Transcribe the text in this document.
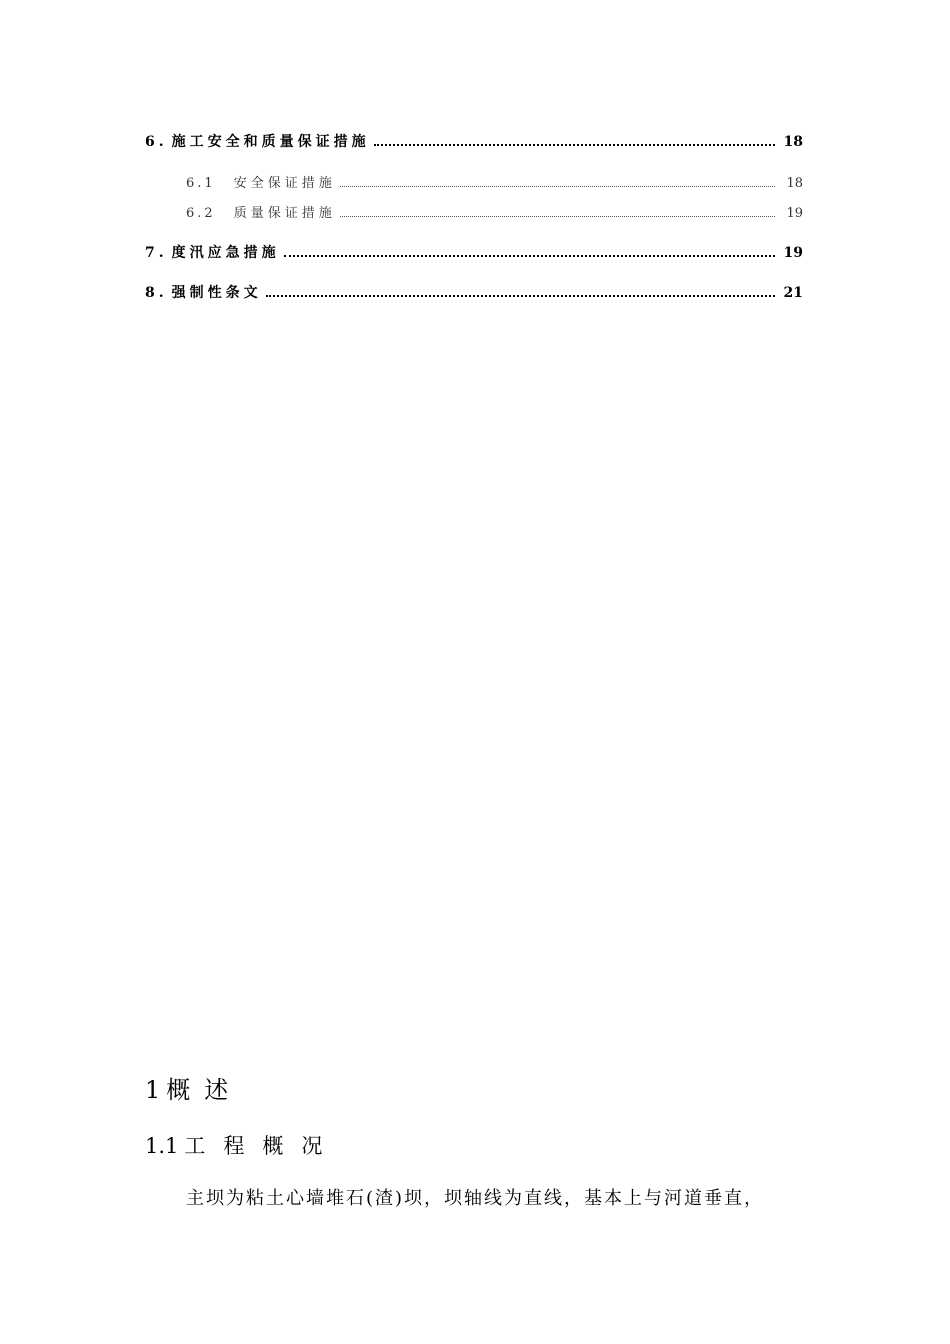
6. 施工安全和质量保证措施	18
6.1 安全保证措施	18
6.2 质量保证措施	19
7. 度汛应急措施	19
8. 强制性条文	21
1 概述
1.1 工程概况
主坝为粘土心墙堆石(渣)坝，坝轴线为直线，基本上与河道垂直，
